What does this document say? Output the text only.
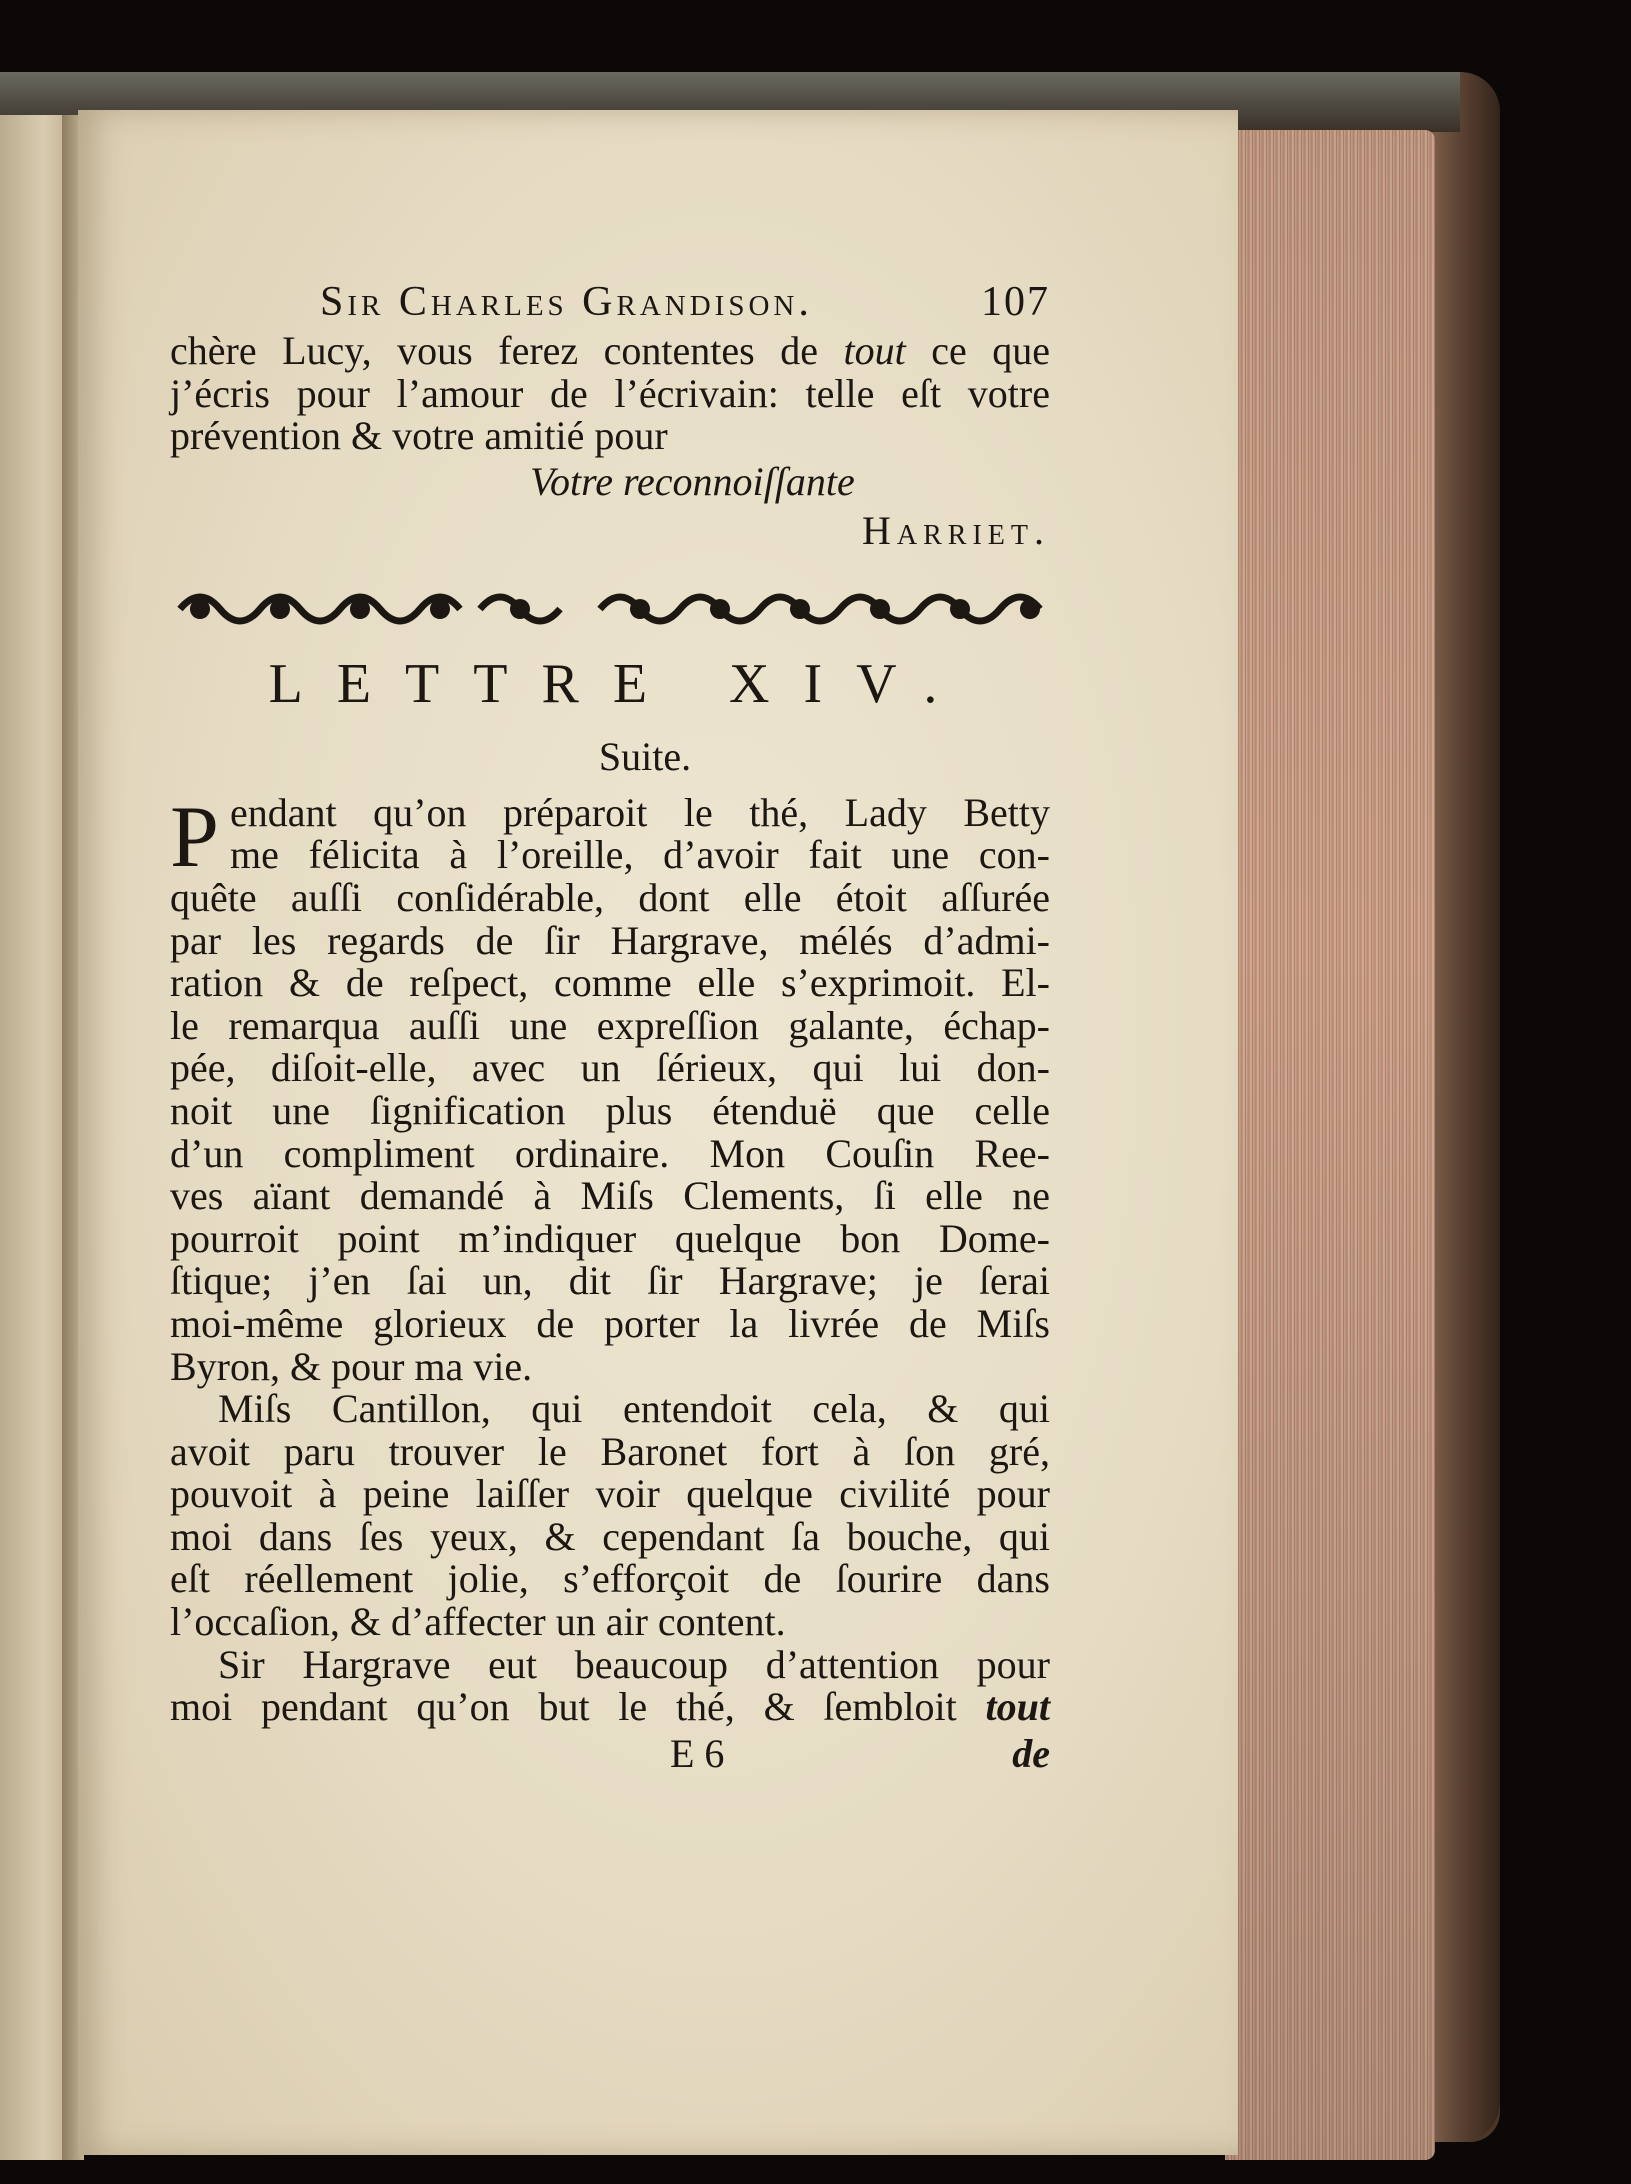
Sir Charles Grandison.	107
chère Lucy, vous ferez contentes de tout ce que
j’écris pour l’amour de l’écrivain: telle eſt votre
prévention & votre amitié pour
Votre reconnoiſſante
Harriet.
LETTRE XIV.
Suite.
P endant qu’on préparoit le thé, Lady Betty
me félicita à l’oreille, d’avoir fait une con-
quête auſſi conſidérable, dont elle étoit aſſurée
par les regards de ſir Hargrave, mélés d’admi-
ration & de reſpect, comme elle s’exprimoit. El-
le remarqua auſſi une expreſſion galante, échap-
pée, diſoit-elle, avec un ſérieux, qui lui don-
noit une ſignification plus étenduë que celle
d’un compliment ordinaire. Mon Couſin Ree-
ves aïant demandé à Miſs Clements, ſi elle ne
pourroit point m’indiquer quelque bon Dome-
ſtique; j’en ſai un, dit ſir Hargrave; je ſerai
moi-même glorieux de porter la livrée de Miſs
Byron, & pour ma vie.
Miſs Cantillon, qui entendoit cela, & qui
avoit paru trouver le Baronet fort à ſon gré,
pouvoit à peine laiſſer voir quelque civilité pour
moi dans ſes yeux, & cependant ſa bouche, qui
eſt réellement jolie, s’efforçoit de ſourire dans
l’occaſion, & d’affecter un air content.
Sir Hargrave eut beaucoup d’attention pour
moi pendant qu’on but le thé, & ſembloit tout
E 6	de
